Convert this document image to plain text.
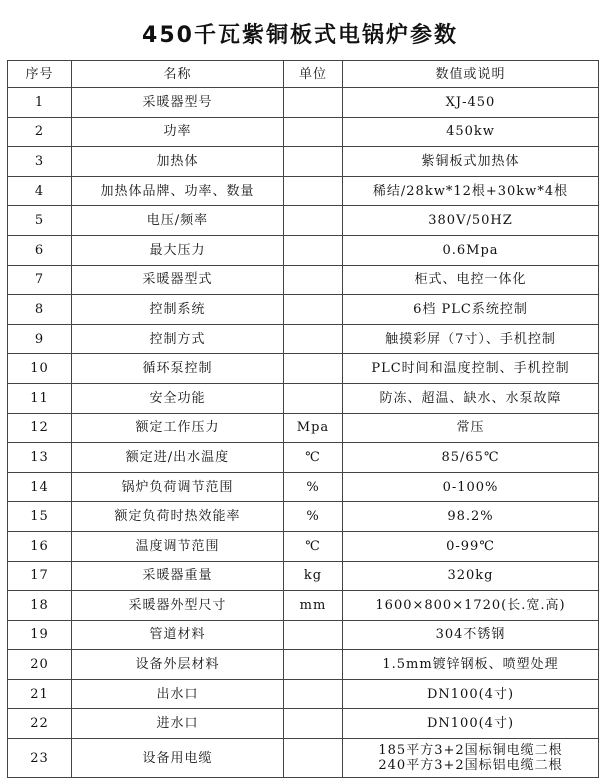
450千瓦紫铜板式电锅炉参数
序号	名称	单位	数值或说明
1	采暖器型号		XJ-450
2	功率		450kw
3	加热体		紫铜板式加热体
4	加热体品牌、功率、数量		稀结/28kw*12根+30kw*4根
5	电压/频率		380V/50HZ
6	最大压力		0.6Mpa
7	采暖器型式		柜式、电控一体化
8	控制系统		6档 PLC系统控制
9	控制方式		触摸彩屏（7寸）、手机控制
10	循环泵控制		PLC时间和温度控制、手机控制
11	安全功能		防冻、超温、缺水、水泵故障
12	额定工作压力	Mpa	常压
13	额定进/出水温度	℃	85/65℃
14	锅炉负荷调节范围	%	0-100%
15	额定负荷时热效能率	%	98.2%
16	温度调节范围	℃	0-99℃
17	采暖器重量	kg	320kg
18	采暖器外型尺寸	mm	1600×800×1720(长.宽.高)
19	管道材料		304不锈钢
20	设备外层材料		1.5mm镀锌钢板、喷塑处理
21	出水口		DN100(4寸)
22	进水口		DN100(4寸)
23	设备用电缆		185平方3+2国标铜电缆二根
240平方3+2国标铝电缆二根
